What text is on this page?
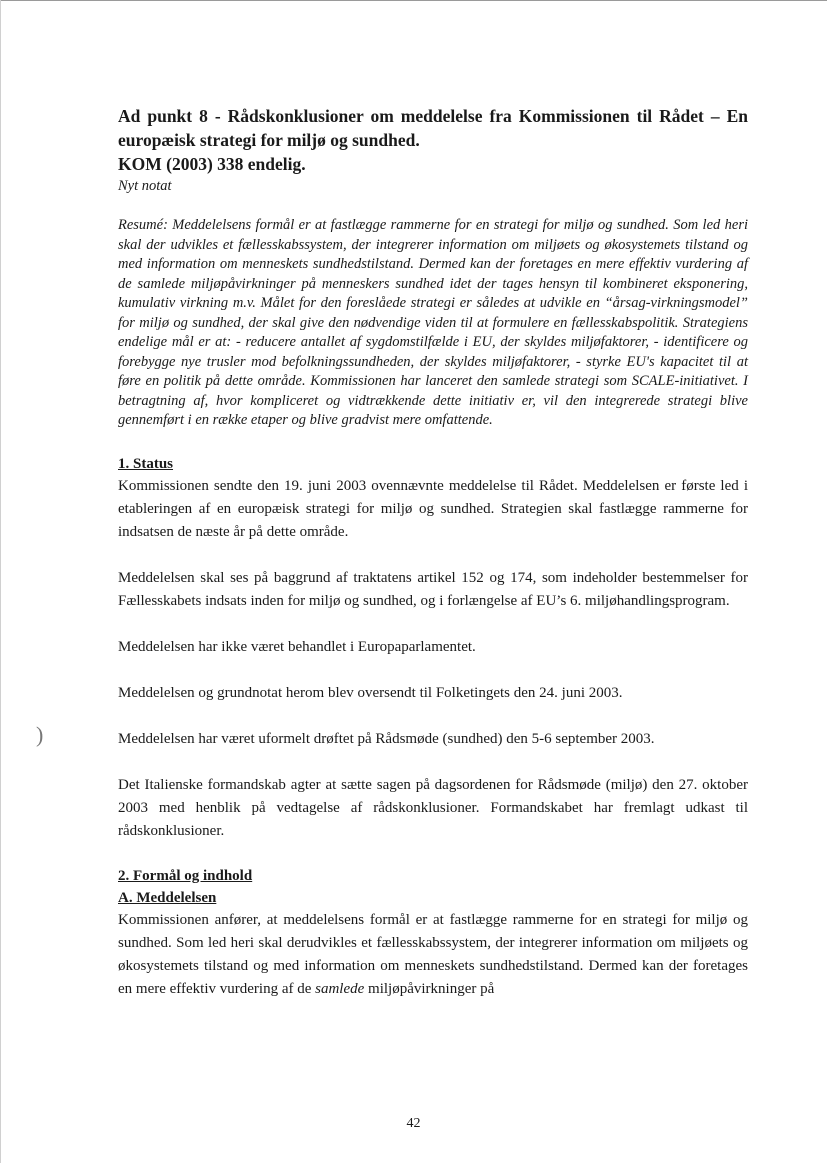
)

Ad punkt 8 - Rådskonklusioner om meddelelse fra Kommissionen til Rådet – En europæisk strategi for miljø og sundhed.

KOM (2003) 338 endelig.

Nyt notat

Resumé: Meddelelsens formål er at fastlægge rammerne for en strategi for miljø og sundhed. Som led heri skal der udvikles et fællesskabssystem, der integrerer information om miljøets og økosystemets tilstand og med information om menneskets sundhedstilstand. Dermed kan der foretages en mere effektiv vurdering af de samlede miljøpåvirkninger på menneskers sundhed idet der tages hensyn til kombineret eksponering, kumulativ virkning m.v. Målet for den foreslåede strategi er således at udvikle en “årsag-virkningsmodel” for miljø og sundhed, der skal give den nødvendige viden til at formulere en fællesskabspolitik. Strategiens endelige mål er at: - reducere antallet af sygdomstilfælde i EU, der skyldes miljøfaktorer, - identificere og forebygge nye trusler mod befolkningssundheden, der skyldes miljøfaktorer, - styrke EU's kapacitet til at føre en politik på dette område. Kommissionen har lanceret den samlede strategi som SCALE-initiativet. I betragtning af, hvor kompliceret og vidtrækkende dette initiativ er, vil den integrerede strategi blive gennemført i en række etaper og blive gradvist mere omfattende.

1. Status

Kommissionen sendte den 19. juni 2003 ovennævnte meddelelse til Rådet. Meddelelsen er første led i etableringen af en europæisk strategi for miljø og sundhed. Strategien skal fastlægge rammerne for indsatsen de næste år på dette område.

Meddelelsen skal ses på baggrund af traktatens artikel 152 og 174, som indeholder bestemmelser for Fællesskabets indsats inden for miljø og sundhed, og i forlængelse af EU’s 6. miljøhandlingsprogram.

Meddelelsen har ikke været behandlet i Europaparlamentet.

Meddelelsen og grundnotat herom blev oversendt til Folketingets den 24. juni 2003.

Meddelelsen har været uformelt drøftet på Rådsmøde (sundhed) den 5-6 september 2003.

Det Italienske formandskab agter at sætte sagen på dagsordenen for Rådsmøde (miljø) den 27. oktober 2003 med henblik på vedtagelse af rådskonklusioner. Formandskabet har fremlagt udkast til rådskonklusioner.

2. Formål og indhold

A. Meddelelsen

Kommissionen anfører, at meddelelsens formål er at fastlægge rammerne for en strategi for miljø og sundhed. Som led heri skal derudvikles et fællesskabssystem, der integrerer information om miljøets og økosystemets tilstand og med information om menneskets sundhedstilstand. Dermed kan der foretages en mere effektiv vurdering af de samlede miljøpåvirkninger på

42
